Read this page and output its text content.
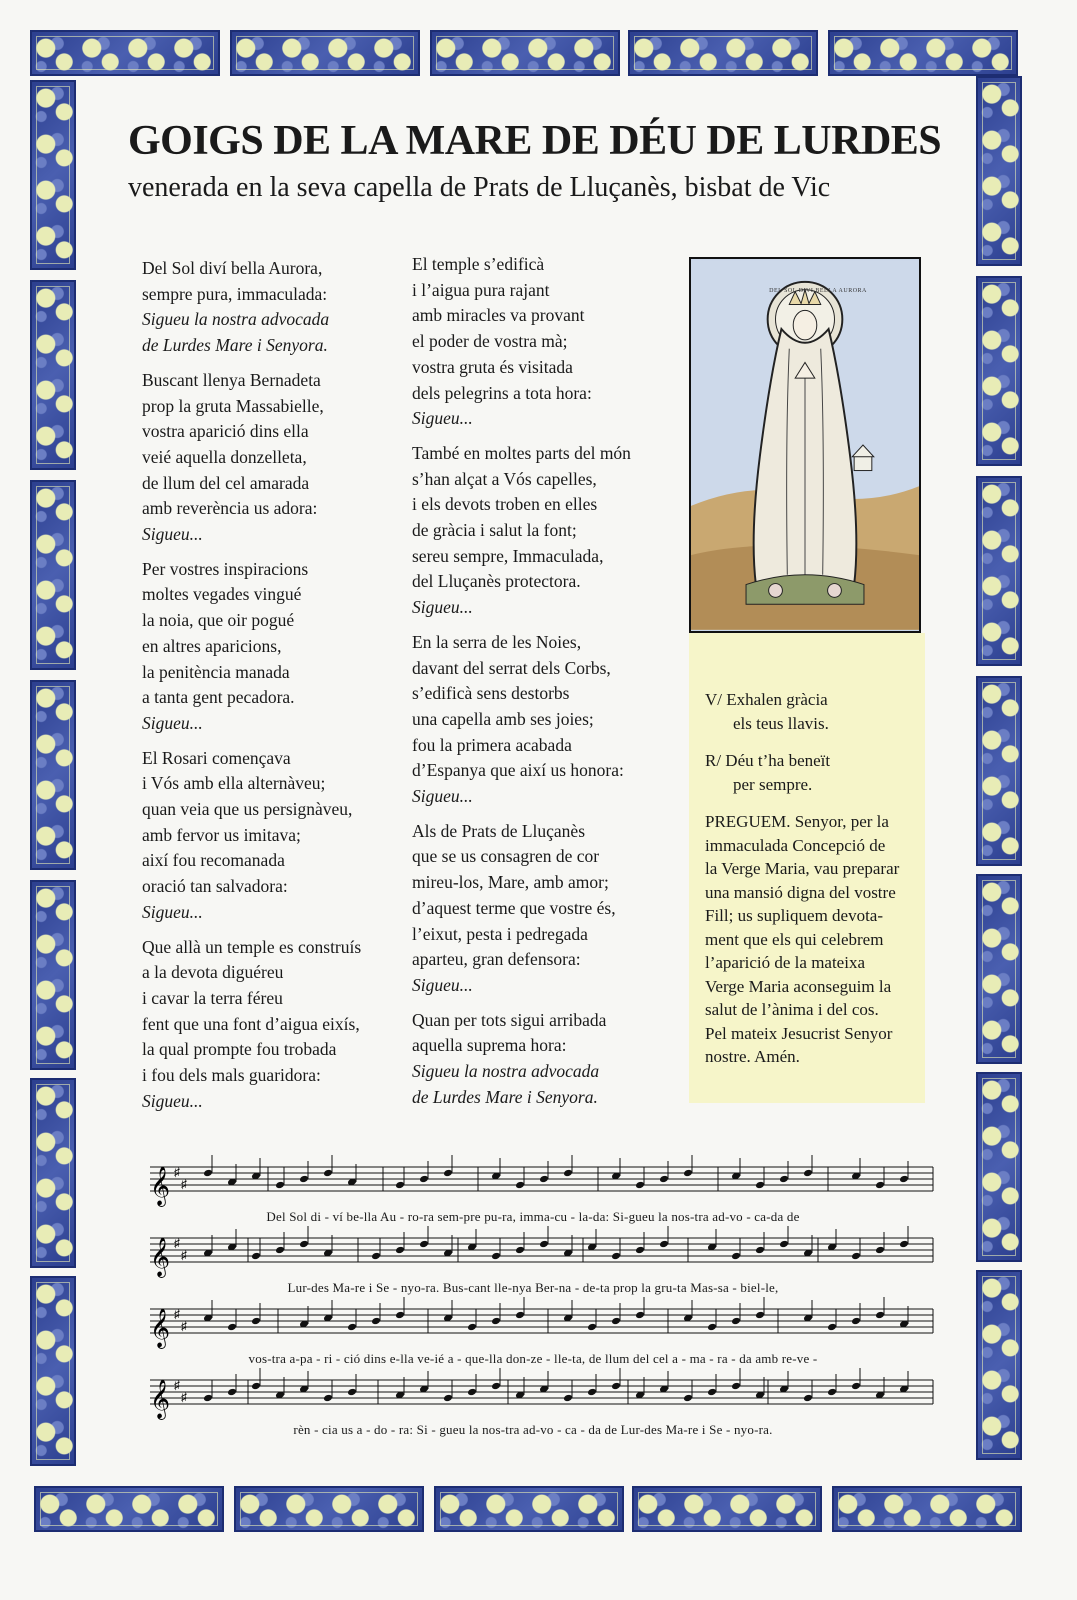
GOIGS DE LA MARE DE DÉU DE LURDES
venerada en la seva capella de Prats de Lluçanès, bisbat de Vic
Del Sol diví bella Aurora,
sempre pura, immaculada:
Sigueu la nostra advocada
de Lurdes Mare i Senyora.
Buscant llenya Bernadeta
prop la gruta Massabielle,
vostra aparició dins ella
veié aquella donzelleta,
de llum del cel amarada
amb reverència us adora:
Sigueu...
Per vostres inspiracions
moltes vegades vingué
la noia, que oir pogué
en altres aparicions,
la penitència manada
a tanta gent pecadora.
Sigueu...
El Rosari començava
i Vós amb ella alternàveu;
quan veia que us persignàveu,
amb fervor us imitava;
així fou recomanada
oració tan salvadora:
Sigueu...
Que allà un temple es construís
a la devota diguéreu
i cavar la terra féreu
fent que una font d’aigua eixís,
la qual prompte fou trobada
i fou dels mals guaridora:
Sigueu...
El temple s’edificà
i l’aigua pura rajant
amb miracles va provant
el poder de vostra mà;
vostra gruta és visitada
dels pelegrins a tota hora:
Sigueu...
També en moltes parts del món
s’han alçat a Vós capelles,
i els devots troben en elles
de gràcia i salut la font;
sereu sempre, Immaculada,
del Lluçanès protectora.
Sigueu...
En la serra de les Noies,
davant del serrat dels Corbs,
s’edificà sens destorbs
una capella amb ses joies;
fou la primera acabada
d’Espanya que així us honora:
Sigueu...
Als de Prats de Lluçanès
que se us consagren de cor
mireu-los, Mare, amb amor;
d’aquest terme que vostre és,
l’eixut, pesta i pedregada
aparteu, gran defensora:
Sigueu...
Quan per tots sigui arribada
aquella suprema hora:
Sigueu la nostra advocada
de Lurdes Mare i Senyora.
DEL SOL DIVI BELLA AURORA
V/ Exhalen gràcia
els teus llavis.
R/ Déu t’ha beneït
per sempre.
PREGUEM. Senyor, per la
immaculada Concepció de
la Verge Maria, vau preparar
una mansió digna del vostre
Fill; us supliquem devota-
ment que els qui celebrem
l’aparició de la mateixa
Verge Maria aconseguim la
salut de l’ànima i del cos.
Pel mateix Jesucrist Senyor
nostre. Amén.
𝄞 ♯
♯
Del Sol di - ví be-lla Au - ro-ra sem-pre pu-ra, imma-cu - la-da: Si-gueu la nos-tra ad-vo - ca-da de
𝄞 ♯
♯
Lur-des Ma-re i Se - nyo-ra. Bus-cant lle-nya Ber-na - de-ta prop la gru-ta Mas-sa - biel-le,
𝄞 ♯
♯
vos-tra a-pa - ri - ció dins e-lla ve-ié a - que-lla don-ze - lle-ta, de llum del cel a - ma - ra - da amb re-ve -
𝄞 ♯
♯
rèn - cia us a - do - ra: Si - gueu la nos-tra ad-vo - ca - da de Lur-des Ma-re i Se - nyo-ra.
